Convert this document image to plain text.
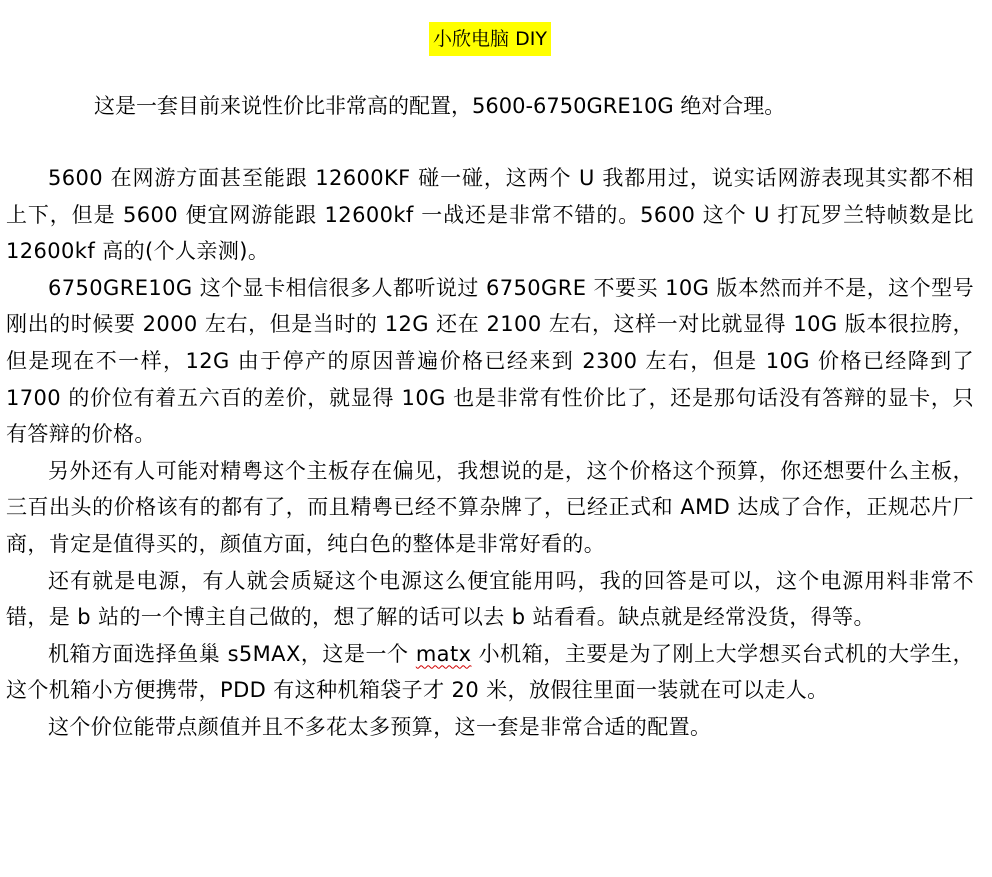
小欣电脑 DIY

这是一套目前来说性价比非常高的配置，5600-6750GRE10G 绝对合理。

5600 在网游方面甚至能跟 12600KF 碰一碰，这两个 U 我都用过，说实话网游表现其实都不相上下，但是 5600 便宜网游能跟 12600kf 一战还是非常不错的。5600 这个 U 打瓦罗兰特帧数是比 12600kf 高的(个人亲测)。

6750GRE10G 这个显卡相信很多人都听说过 6750GRE 不要买 10G 版本然而并不是，这个型号刚出的时候要 2000 左右，但是当时的 12G 还在 2100 左右，这样一对比就显得 10G 版本很拉胯，但是现在不一样，12G 由于停产的原因普遍价格已经来到 2300 左右，但是 10G 价格已经降到了 1700 的价位有着五六百的差价，就显得 10G 也是非常有性价比了，还是那句话没有答辩的显卡，只有答辩的价格。

另外还有人可能对精粤这个主板存在偏见，我想说的是，这个价格这个预算，你还想要什么主板，三百出头的价格该有的都有了，而且精粤已经不算杂牌了，已经正式和 AMD 达成了合作，正规芯片厂商，肯定是值得买的，颜值方面，纯白色的整体是非常好看的。

还有就是电源，有人就会质疑这个电源这么便宜能用吗，我的回答是可以，这个电源用料非常不错，是 b 站的一个博主自己做的，想了解的话可以去 b 站看看。缺点就是经常没货，得等。

机箱方面选择鱼巢 s5MAX，这是一个 matx 小机箱，主要是为了刚上大学想买台式机的大学生，这个机箱小方便携带，PDD 有这种机箱袋子才 20 米，放假往里面一装就在可以走人。

这个价位能带点颜值并且不多花太多预算，这一套是非常合适的配置。
